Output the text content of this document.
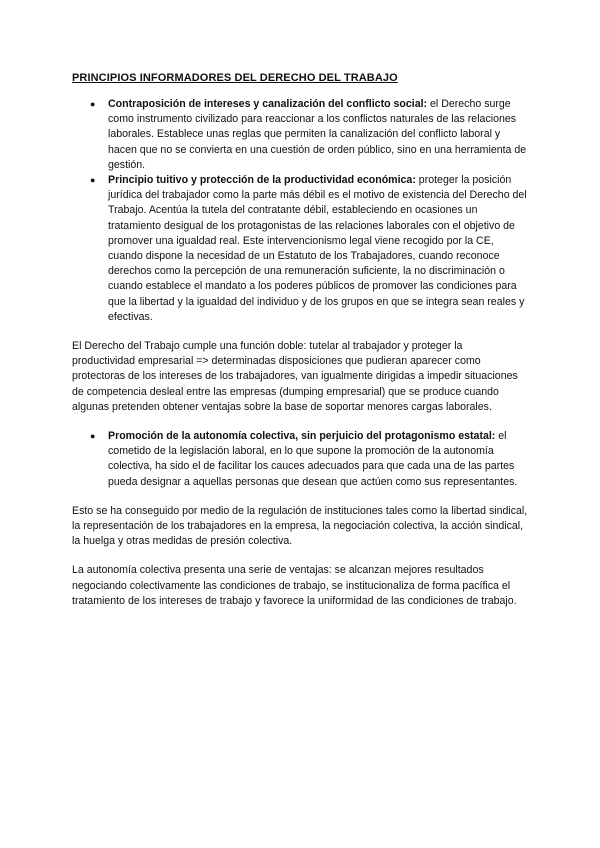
PRINCIPIOS INFORMADORES DEL DERECHO DEL TRABAJO
● Contraposición de intereses y canalización del conflicto social: el Derecho surge como instrumento civilizado para reaccionar a los conflictos naturales de las relaciones laborales. Establece unas reglas que permiten la canalización del conflicto laboral y hacen que no se convierta en una cuestión de orden público, sino en una herramienta de gestión.
● Principio tuitivo y protección de la productividad económica: proteger la posición jurídica del trabajador como la parte más débil es el motivo de existencia del Derecho del Trabajo. Acentúa la tutela del contratante débil, estableciendo en ocasiones un tratamiento desigual de los protagonistas de las relaciones laborales con el objetivo de promover una igualdad real. Este intervencionismo legal viene recogido por la CE, cuando dispone la necesidad de un Estatuto de los Trabajadores, cuando reconoce derechos como la percepción de una remuneración suficiente, la no discriminación o cuando establece el mandato a los poderes públicos de promover las condiciones para que la libertad y la igualdad del individuo y de los grupos en que se integra sean reales y efectivas.

El Derecho del Trabajo cumple una función doble: tutelar al trabajador y proteger la productividad empresarial => determinadas disposiciones que pudieran aparecer como protectoras de los intereses de los trabajadores, van igualmente dirigidas a impedir situaciones de competencia desleal entre las empresas (dumping empresarial) que se produce cuando algunas pretenden obtener ventajas sobre la base de soportar menores cargas laborales.

● Promoción de la autonomía colectiva, sin perjuicio del protagonismo estatal: el cometido de la legislación laboral, en lo que supone la promoción de la autonomía colectiva, ha sido el de facilitar los cauces adecuados para que cada una de las partes pueda designar a aquellas personas que desean que actúen como sus representantes.

Esto se ha conseguido por medio de la regulación de instituciones tales como la libertad sindical, la representación de los trabajadores en la empresa, la negociación colectiva, la acción sindical, la huelga y otras medidas de presión colectiva.

La autonomía colectiva presenta una serie de ventajas: se alcanzan mejores resultados negociando colectivamente las condiciones de trabajo, se institucionaliza de forma pacífica el tratamiento de los intereses de trabajo y favorece la uniformidad de las condiciones de trabajo.
